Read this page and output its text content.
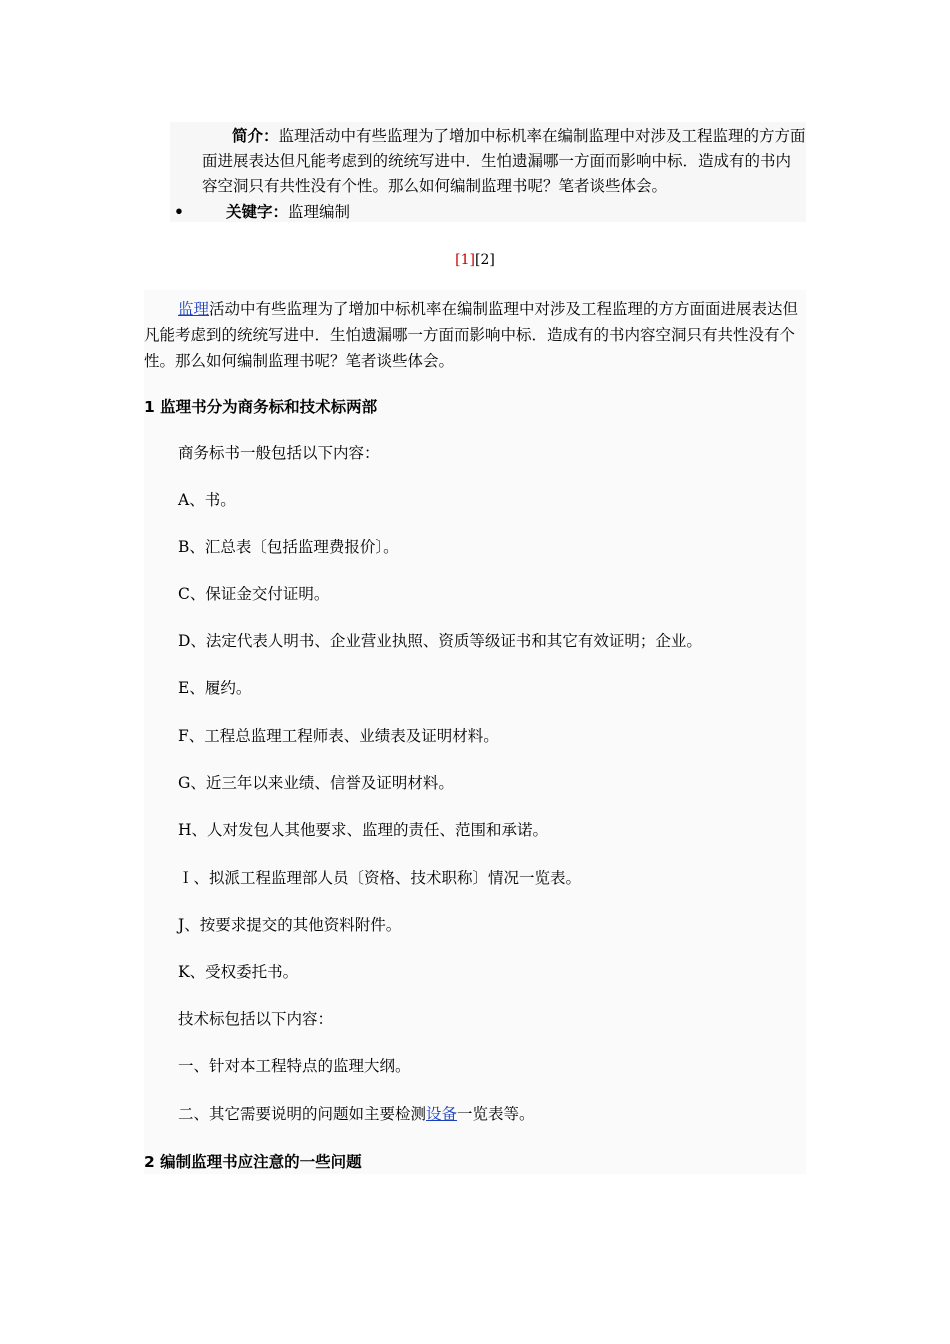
简介：监理活动中有些监理为了增加中标机率在编制监理中对涉及工程监理的方方面面进展表达但凡能考虑到的统统写进中．生怕遗漏哪一方面而影响中标．造成有的书内容空洞只有共性没有个性。那么如何编制监理书呢？笔者谈些体会。
•	关键字：监理编制
[1][2]
监理活动中有些监理为了增加中标机率在编制监理中对涉及工程监理的方方面面进展表达但凡能考虑到的统统写进中．生怕遗漏哪一方面而影响中标．造成有的书内容空洞只有共性没有个性。那么如何编制监理书呢？笔者谈些体会。
1 监理书分为商务标和技术标两部
商务标书一般包括以下内容：
A、书。
B、汇总表〔包括监理费报价〕。
C、保证金交付证明。
D、法定代表人明书、企业营业执照、资质等级证书和其它有效证明；企业。
E、履约。
F、工程总监理工程师表、业绩表及证明材料。
G、近三年以来业绩、信誉及证明材料。
H、人对发包人其他要求、监理的责任、范围和承诺。
Ｉ、拟派工程监理部人员〔资格、技术职称〕情况一览表。
J、按要求提交的其他资料附件。
K、受权委托书。
技术标包括以下内容：
一、针对本工程特点的监理大纲。
二、其它需要说明的问题如主要检测设备一览表等。
2 编制监理书应注意的一些问题
